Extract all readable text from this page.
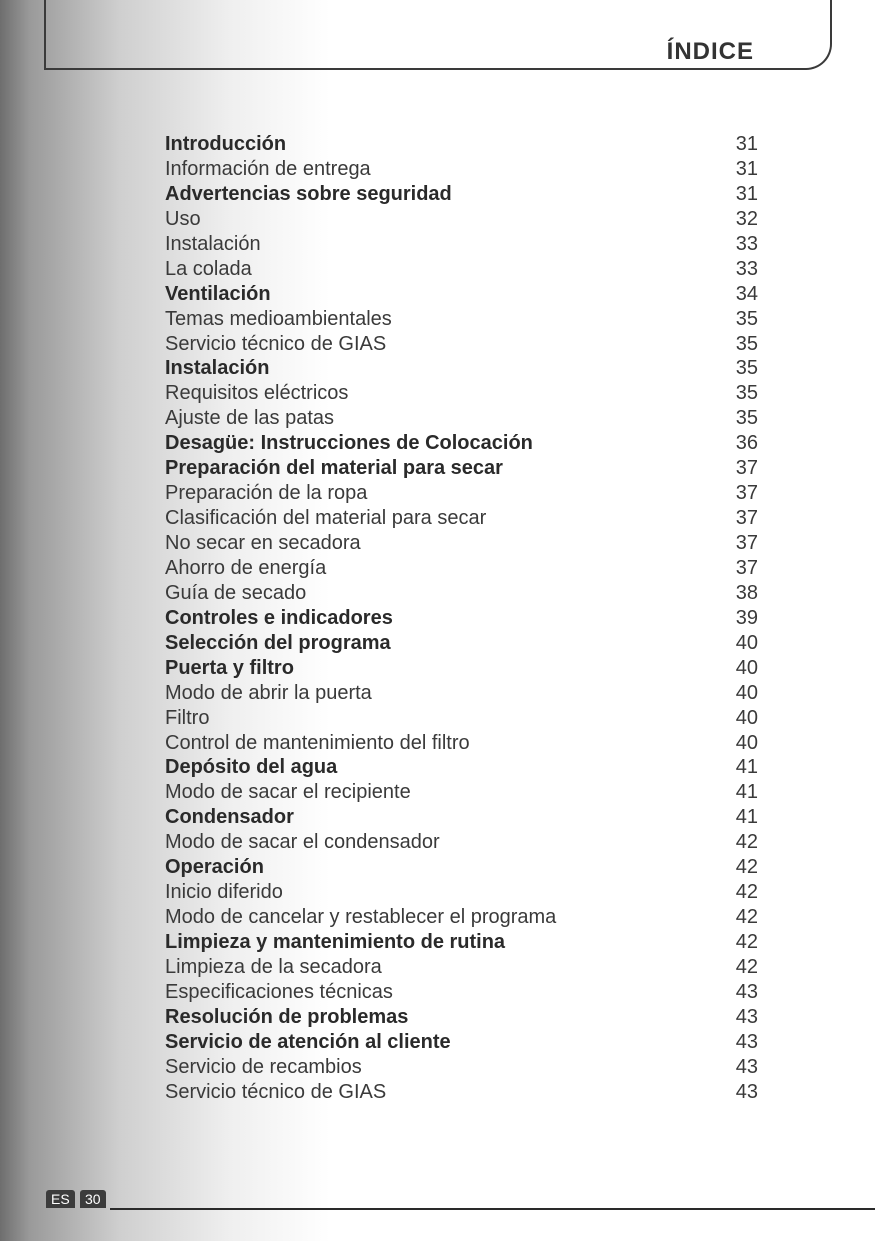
ÍNDICE
Introducción	31
Información de entrega	31
Advertencias sobre seguridad	31
Uso	32
Instalación	33
La colada	33
Ventilación	34
Temas medioambientales	35
Servicio técnico de GIAS	35
Instalación	35
Requisitos eléctricos	35
Ajuste de las patas	35
Desagüe: Instrucciones de Colocación	36
Preparación del material para secar	37
Preparación de la ropa	37
Clasificación del material para secar	37
No secar en secadora	37
Ahorro de energía	37
Guía de secado	38
Controles e indicadores	39
Selección del programa	40
Puerta y filtro	40
Modo de abrir la puerta	40
Filtro	40
Control de mantenimiento del filtro	40
Depósito del agua	41
Modo de sacar el recipiente	41
Condensador	41
Modo de sacar el condensador	42
Operación	42
Inicio diferido	42
Modo de cancelar y restablecer el programa	42
Limpieza y mantenimiento de rutina	42
Limpieza de la secadora	42
Especificaciones técnicas	43
Resolución de problemas	43
Servicio de atención al cliente	43
Servicio de recambios	43
Servicio técnico de GIAS	43
ES	30
